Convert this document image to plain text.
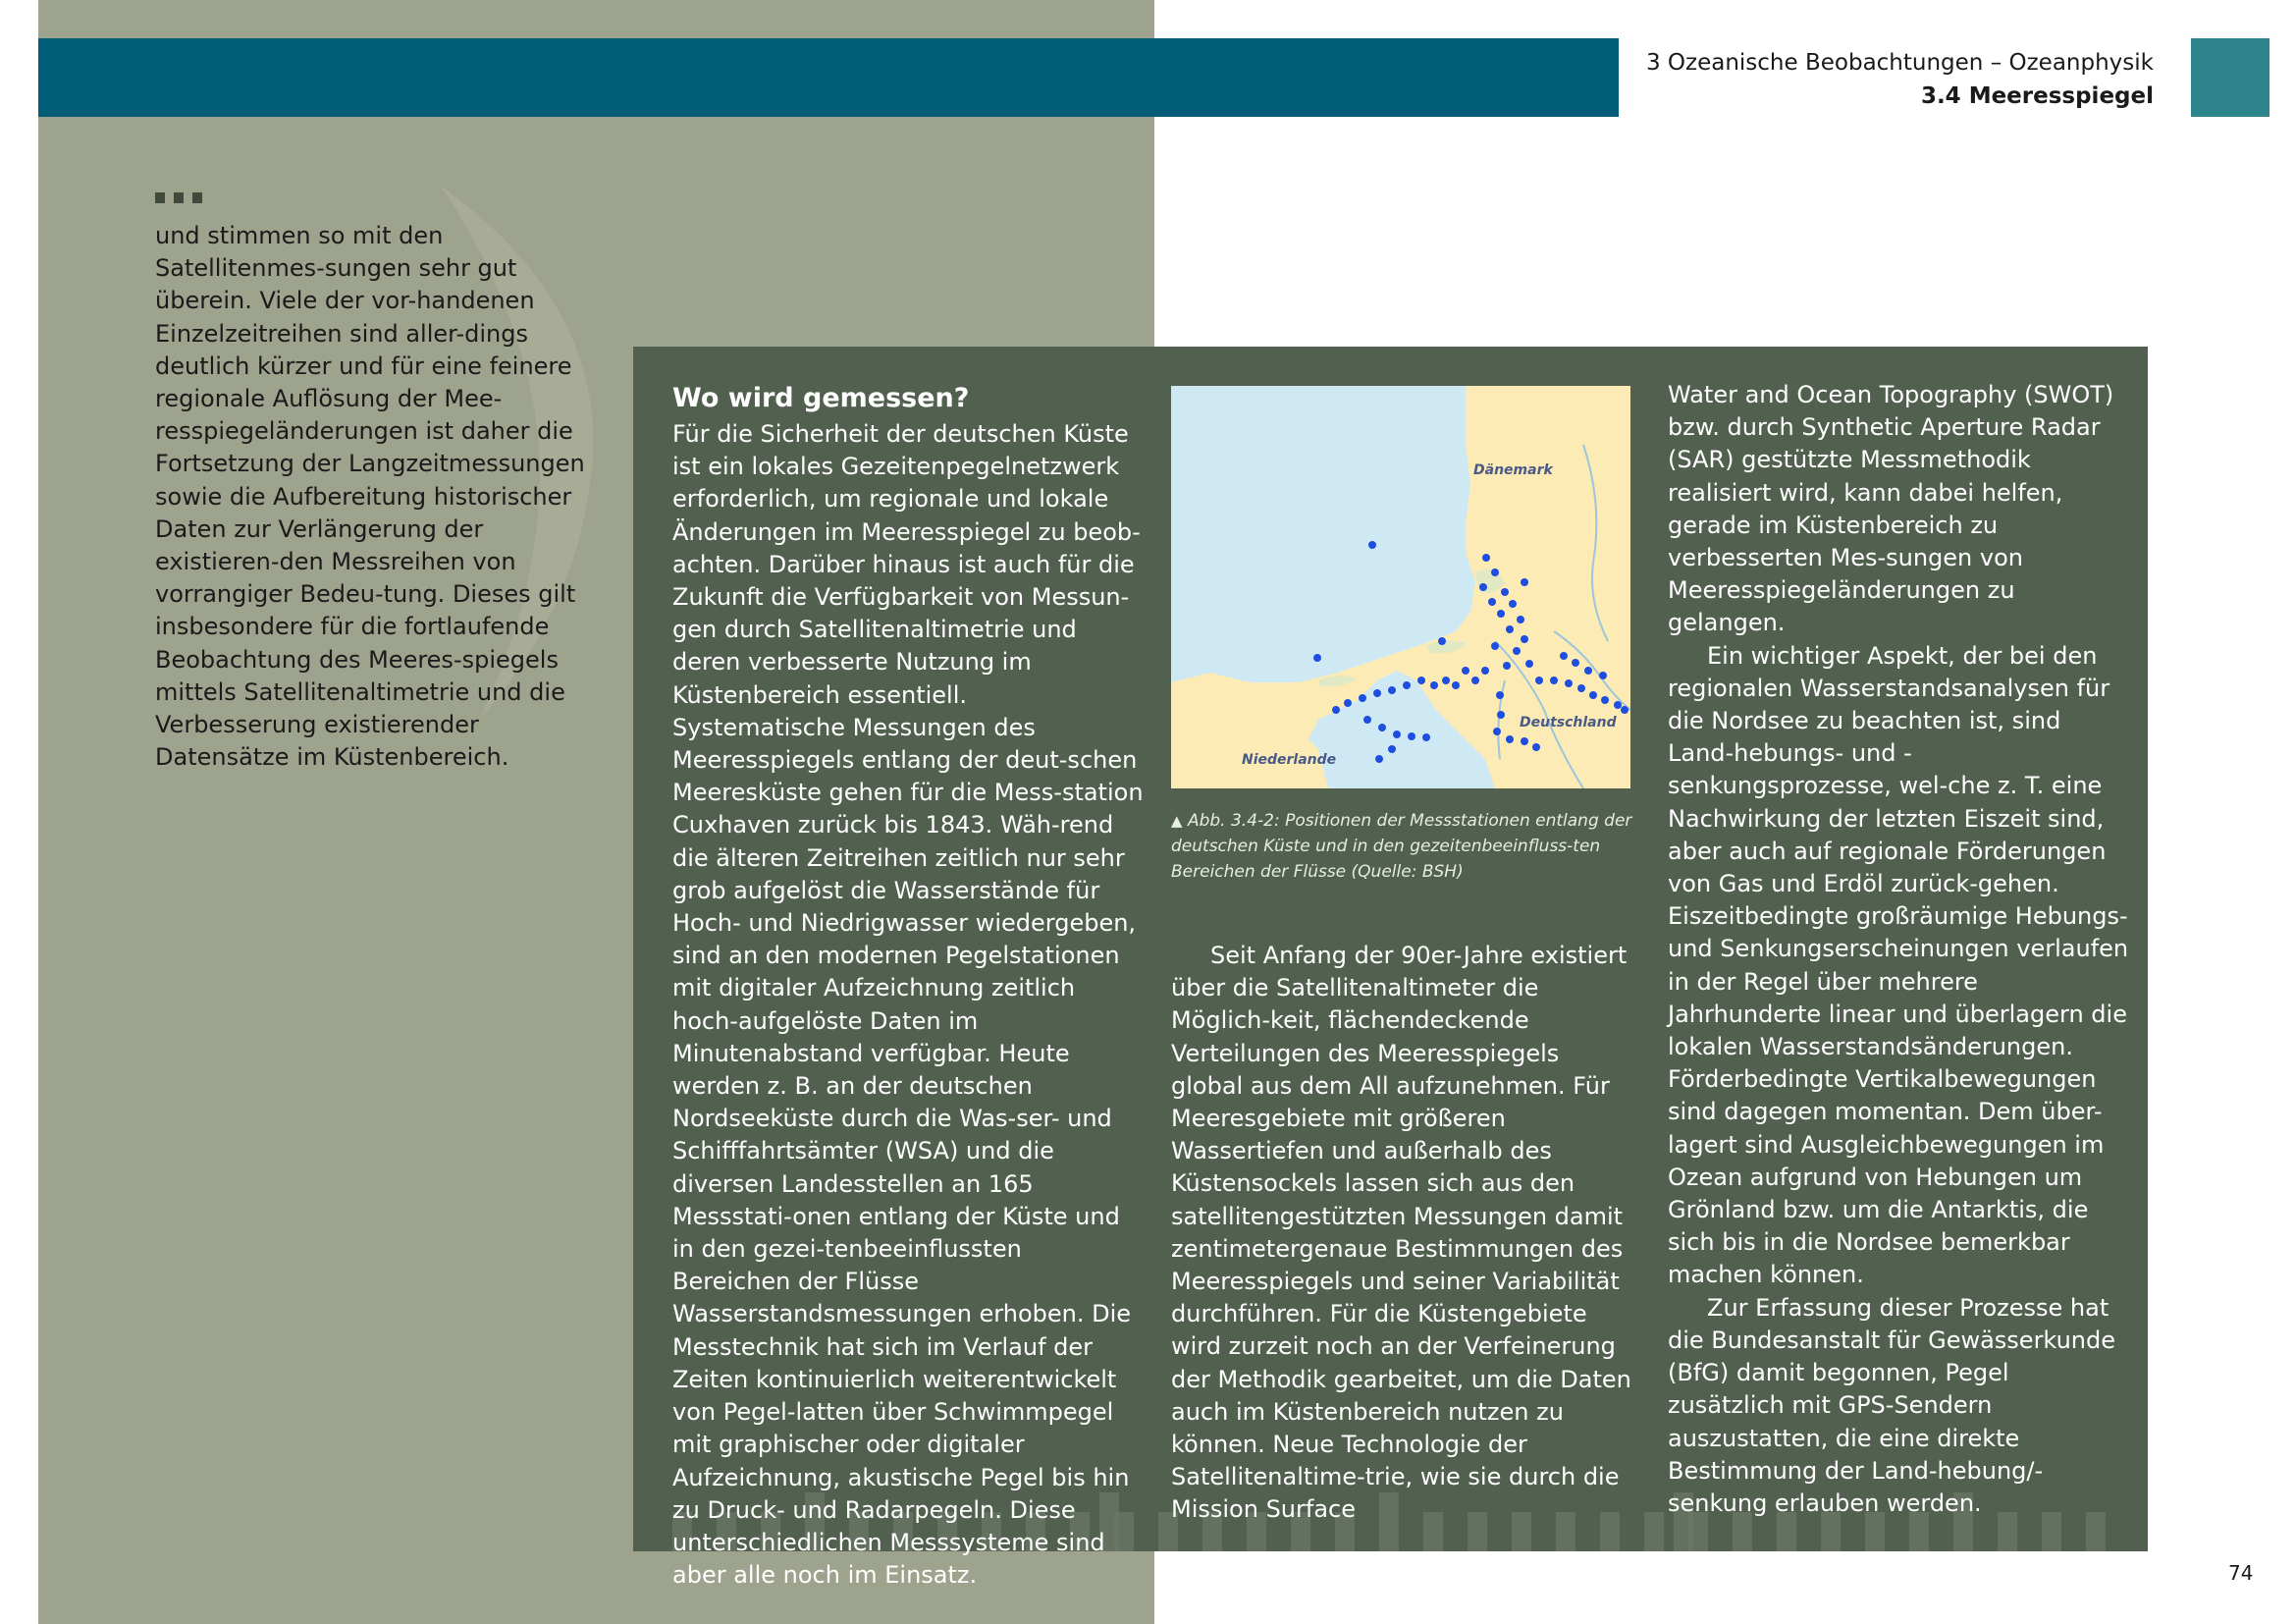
3 Ozeanische Beobachtungen – Ozeanphysik
3.4 Meeresspiegel
und stimmen so mit den Satellitenmes-sungen sehr gut überein. Viele der vor-handenen Einzelzeitreihen sind aller-dings deutlich kürzer und für eine feinere regionale Auflösung der Mee-resspiegeländerungen ist daher die Fortsetzung der Langzeitmessungen sowie die Aufbereitung historischer Daten zur Verlängerung der existieren-den Messreihen von vorrangiger Bedeu-tung. Dieses gilt insbesondere für die fortlaufende Beobachtung des Meeres-spiegels mittels Satellitenaltimetrie und die Verbesserung existierender Datensätze im Küstenbereich.
Wo wird gemessen?

Für die Sicherheit der deutschen Küste ist ein lokales Gezeitenpegelnetzwerk erforderlich, um regionale und lokale Änderungen im Meeresspiegel zu beob-achten. Darüber hinaus ist auch für die Zukunft die Verfügbarkeit von Messun-gen durch Satellitenaltimetrie und deren verbesserte Nutzung im Küstenbereich essentiell. Systematische Messungen des Meeresspiegels entlang der deut-schen Meeresküste gehen für die Mess-station Cuxhaven zurück bis 1843. Wäh-rend die älteren Zeitreihen zeitlich nur sehr grob aufgelöst die Wasserstände für Hoch- und Niedrigwasser wiedergeben, sind an den modernen Pegelstationen mit digitaler Aufzeichnung zeitlich hoch-aufgelöste Daten im Minutenabstand verfügbar. Heute werden z. B. an der deutschen Nordseeküste durch die Was-ser- und Schifffahrtsämter (WSA) und die diversen Landesstellen an 165 Messstati-onen entlang der Küste und in den gezei-tenbeeinflussten Bereichen der Flüsse Wasserstandsmessungen erhoben. Die Messtechnik hat sich im Verlauf der Zeiten kontinuierlich weiterentwickelt von Pegel-latten über Schwimmpegel mit graphischer oder digitaler Aufzeichnung, akustische Pegel bis hin zu Druck- und Radarpegeln. Diese unterschiedlichen Messsysteme sind aber alle noch im Einsatz.

Dänemark
Deutschland
Niederlande
▲ Abb. 3.4-2: Positionen der Messstationen entlang der deutschen Küste und in den gezeitenbeeinfluss-ten Bereichen der Flüsse (Quelle: BSH)

Seit Anfang der 90er-Jahre existiert über die Satellitenaltimeter die Möglich-keit, flächendeckende Verteilungen des Meeresspiegels global aus dem All aufzunehmen. Für Meeresgebiete mit größeren Wassertiefen und außerhalb des Küstensockels lassen sich aus den satellitengestützten Messungen damit zentimetergenaue Bestimmungen des Meeresspiegels und seiner Variabilität durchführen. Für die Küstengebiete wird zurzeit noch an der Verfeinerung der Methodik gearbeitet, um die Daten auch im Küstenbereich nutzen zu können. Neue Technologie der Satellitenaltime-trie, wie sie durch die Mission Surface

Water and Ocean Topography (SWOT) bzw. durch Synthetic Aperture Radar (SAR) gestützte Messmethodik realisiert wird, kann dabei helfen, gerade im Küstenbereich zu verbesserten Mes-sungen von Meeresspiegeländerungen zu gelangen.

Ein wichtiger Aspekt, der bei den regionalen Wasserstandsanalysen für die Nordsee zu beachten ist, sind Land-hebungs- und -senkungsprozesse, wel-che z. T. eine Nachwirkung der letzten Eiszeit sind, aber auch auf regionale Förderungen von Gas und Erdöl zurück-gehen. Eiszeitbedingte großräumige Hebungs- und Senkungserscheinungen verlaufen in der Regel über mehrere Jahrhunderte linear und überlagern die lokalen Wasserstandsänderungen. Förderbedingte Vertikalbewegungen sind dagegen momentan. Dem über-lagert sind Ausgleichbewegungen im Ozean aufgrund von Hebungen um Grönland bzw. um die Antarktis, die sich bis in die Nordsee bemerkbar machen können.

Zur Erfassung dieser Prozesse hat die Bundesanstalt für Gewässerkunde (BfG) damit begonnen, Pegel zusätzlich mit GPS-Sendern auszustatten, die eine direkte Bestimmung der Land-hebung/-senkung erlauben werden.

74
